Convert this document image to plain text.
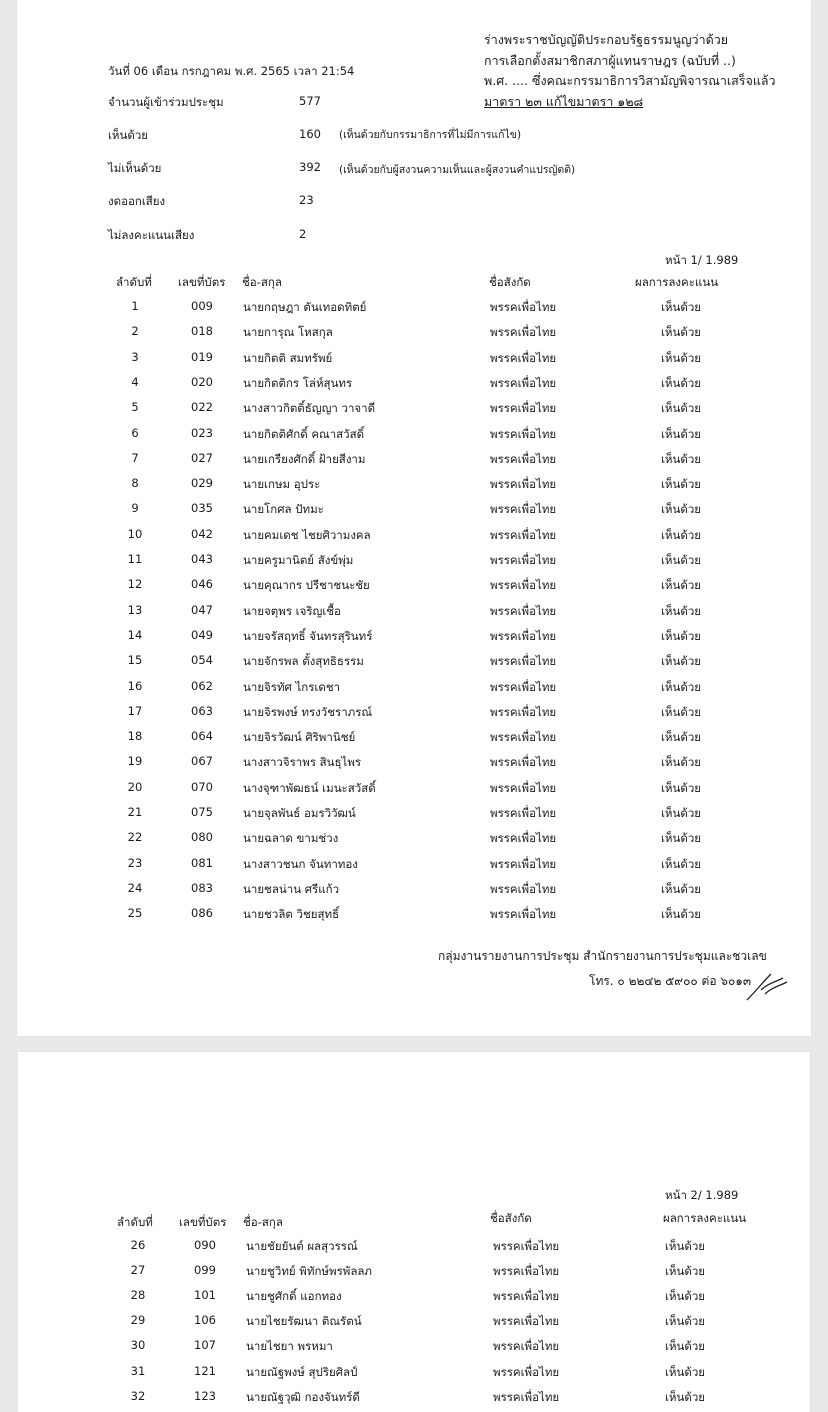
ร่างพระราชบัญญัติประกอบรัฐธรรมนูญว่าด้วย
การเลือกตั้งสมาชิกสภาผู้แทนราษฎร (ฉบับที่ ..)
พ.ศ. .... ซึ่งคณะกรรมาธิการวิสามัญพิจารณาเสร็จแล้ว
มาตรา ๒๓ แก้ไขมาตรา ๑๒๘
วันที่ 06 เดือน กรกฎาคม พ.ศ. 2565 เวลา 21:54
จำนวนผู้เข้าร่วมประชุม	577
เห็นด้วย	160 (เห็นด้วยกับกรรมาธิการที่ไม่มีการแก้ไข)
ไม่เห็นด้วย	392 (เห็นด้วยกับผู้สงวนความเห็นและผู้สงวนคำแปรญัตติ)
งดออกเสียง	23
ไม่ลงคะแนนเสียง	2
หน้า 1/ 1.989
ลำดับที่ เลขที่บัตร ชื่อ-สกุล	ชื่อสังกัด	ผลการลงคะแนน
1	009	นายกฤษฎา ตันเทอดทิตย์	พรรคเพื่อไทย	เห็นด้วย
2	018	นายการุณ โหสกุล	พรรคเพื่อไทย	เห็นด้วย
3	019	นายกิตติ สมทรัพย์	พรรคเพื่อไทย	เห็นด้วย
4	020	นายกิตติกร โล่ห์สุนทร	พรรคเพื่อไทย	เห็นด้วย
5	022	นางสาวกิตติ์ธัญญา วาจาดี	พรรคเพื่อไทย	เห็นด้วย
6	023	นายกิตติศักดิ์ คณาสวัสดิ์	พรรคเพื่อไทย	เห็นด้วย
7	027	นายเกรียงศักดิ์ ฝ้ายสีงาม	พรรคเพื่อไทย	เห็นด้วย
8	029	นายเกษม อุประ	พรรคเพื่อไทย	เห็นด้วย
9	035	นายโกศล ปัทมะ	พรรคเพื่อไทย	เห็นด้วย
10	042	นายคมเดช ไชยศิวามงคล	พรรคเพื่อไทย	เห็นด้วย
11	043	นายครูมานิตย์ สังข์พุ่ม	พรรคเพื่อไทย	เห็นด้วย
12	046	นายคุณากร ปรีชาชนะชัย	พรรคเพื่อไทย	เห็นด้วย
13	047	นายจตุพร เจริญเชื้อ	พรรคเพื่อไทย	เห็นด้วย
14	049	นายจรัสฤทธิ์ จันทรสุรินทร์	พรรคเพื่อไทย	เห็นด้วย
15	054	นายจักรพล ตั้งสุทธิธรรม	พรรคเพื่อไทย	เห็นด้วย
16	062	นายจิรทัศ ไกรเดชา	พรรคเพื่อไทย	เห็นด้วย
17	063	นายจิรพงษ์ ทรงวัชราภรณ์	พรรคเพื่อไทย	เห็นด้วย
18	064	นายจิรวัฒน์ ศิริพานิชย์	พรรคเพื่อไทย	เห็นด้วย
19	067	นางสาวจิราพร สินธุไพร	พรรคเพื่อไทย	เห็นด้วย
20	070	นางจุฑาพัฒธน์ เมนะสวัสดิ์	พรรคเพื่อไทย	เห็นด้วย
21	075	นายจุลพันธ์ อมรวิวัฒน์	พรรคเพื่อไทย	เห็นด้วย
22	080	นายฉลาด ขามช่วง	พรรคเพื่อไทย	เห็นด้วย
23	081	นางสาวชนก จันทาทอง	พรรคเพื่อไทย	เห็นด้วย
24	083	นายชลน่าน ศรีแก้ว	พรรคเพื่อไทย	เห็นด้วย
25	086	นายชวลิต วิชยสุทธิ์	พรรคเพื่อไทย	เห็นด้วย
กลุ่มงานรายงานการประชุม สำนักรายงานการประชุมและชวเลข
โทร. ๐ ๒๒๔๒ ๕๙๐๐ ต่อ ๖๐๑๓
หน้า 2/ 1.989
ลำดับที่ เลขที่บัตร ชื่อ-สกุล	ชื่อสังกัด	ผลการลงคะแนน
26	090	นายชัยยันต์ ผลสุวรรณ์	พรรคเพื่อไทย	เห็นด้วย
27	099	นายชูวิทย์ พิทักษ์พรพัลลภ	พรรคเพื่อไทย	เห็นด้วย
28	101	นายชูศักดิ์ แอกทอง	พรรคเพื่อไทย	เห็นด้วย
29	106	นายไชยรัฒนา ติณรัตน์	พรรคเพื่อไทย	เห็นด้วย
30	107	นายไชยา พรหมา	พรรคเพื่อไทย	เห็นด้วย
31	121	นายณัฐพงษ์ สุปริยศิลป์	พรรคเพื่อไทย	เห็นด้วย
32	123	นายณัฐวุฒิ กองจันทร์ดี	พรรคเพื่อไทย	เห็นด้วย
